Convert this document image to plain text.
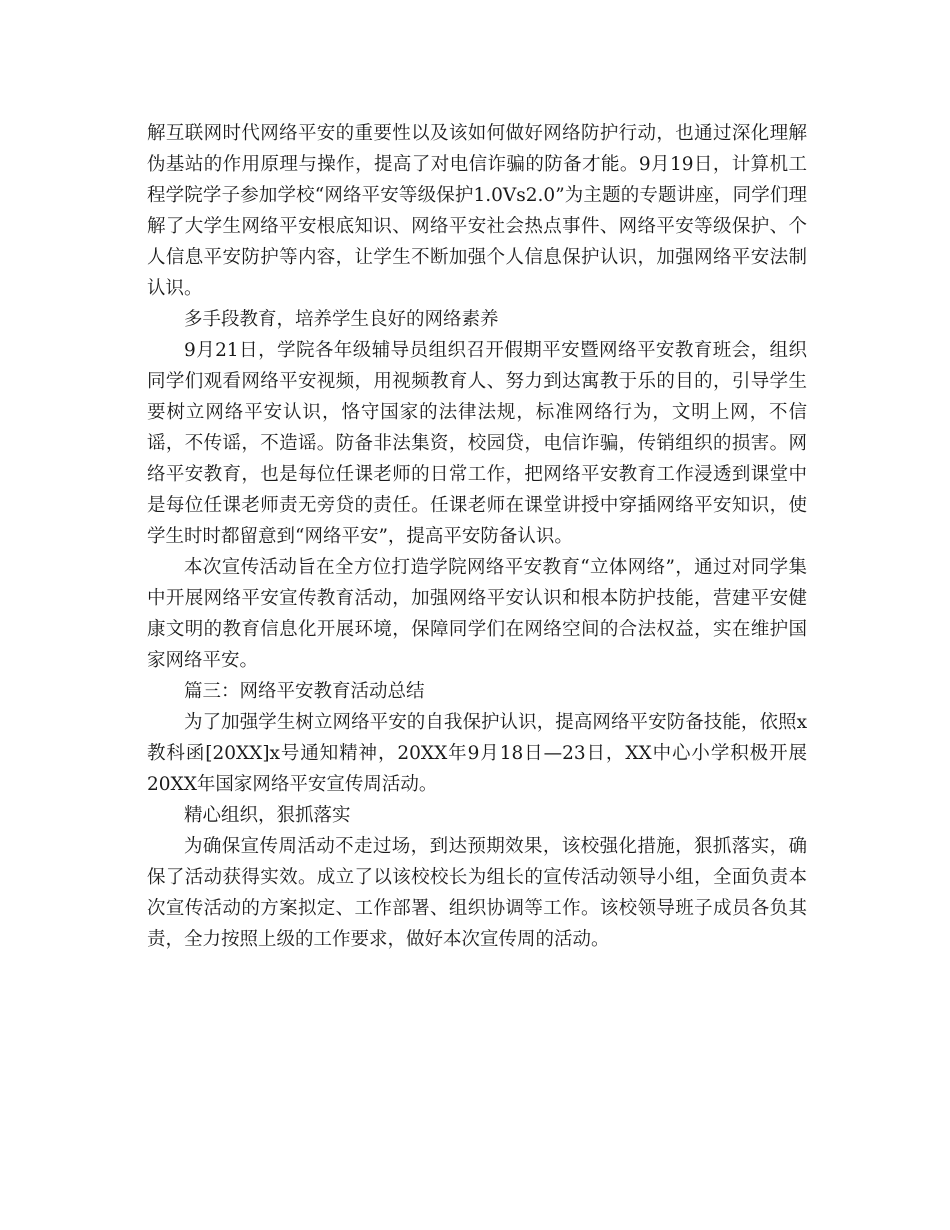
解互联网时代网络平安的重要性以及该如何做好网络防护行动，也通过深化理解伪基站的作用原理与操作，提高了对电信诈骗的防备才能。9月19日，计算机工程学院学子参加学校“网络平安等级保护1.0Vs2.0”为主题的专题讲座，同学们理解了大学生网络平安根底知识、网络平安社会热点事件、网络平安等级保护、个人信息平安防护等内容，让学生不断加强个人信息保护认识，加强网络平安法制认识。

多手段教育，培养学生良好的网络素养

9月21日，学院各年级辅导员组织召开假期平安暨网络平安教育班会，组织同学们观看网络平安视频，用视频教育人、努力到达寓教于乐的目的，引导学生要树立网络平安认识，恪守国家的法律法规，标准网络行为，文明上网，不信谣，不传谣，不造谣。防备非法集资，校园贷，电信诈骗，传销组织的损害。网络平安教育，也是每位任课老师的日常工作，把网络平安教育工作浸透到课堂中是每位任课老师责无旁贷的责任。任课老师在课堂讲授中穿插网络平安知识，使学生时时都留意到“网络平安”，提高平安防备认识。

本次宣传活动旨在全方位打造学院网络平安教育“立体网络”，通过对同学集中开展网络平安宣传教育活动，加强网络平安认识和根本防护技能，营建平安健康文明的教育信息化开展环境，保障同学们在网络空间的合法权益，实在维护国家网络平安。

篇三：网络平安教育活动总结

为了加强学生树立网络平安的自我保护认识，提高网络平安防备技能，依照x教科函[20XX]x号通知精神，20XX年9月18日—23日，XX中心小学积极开展20XX年国家网络平安宣传周活动。

精心组织，狠抓落实

为确保宣传周活动不走过场，到达预期效果，该校强化措施，狠抓落实，确保了活动获得实效。成立了以该校校长为组长的宣传活动领导小组，全面负责本次宣传活动的方案拟定、工作部署、组织协调等工作。该校领导班子成员各负其责，全力按照上级的工作要求，做好本次宣传周的活动。
